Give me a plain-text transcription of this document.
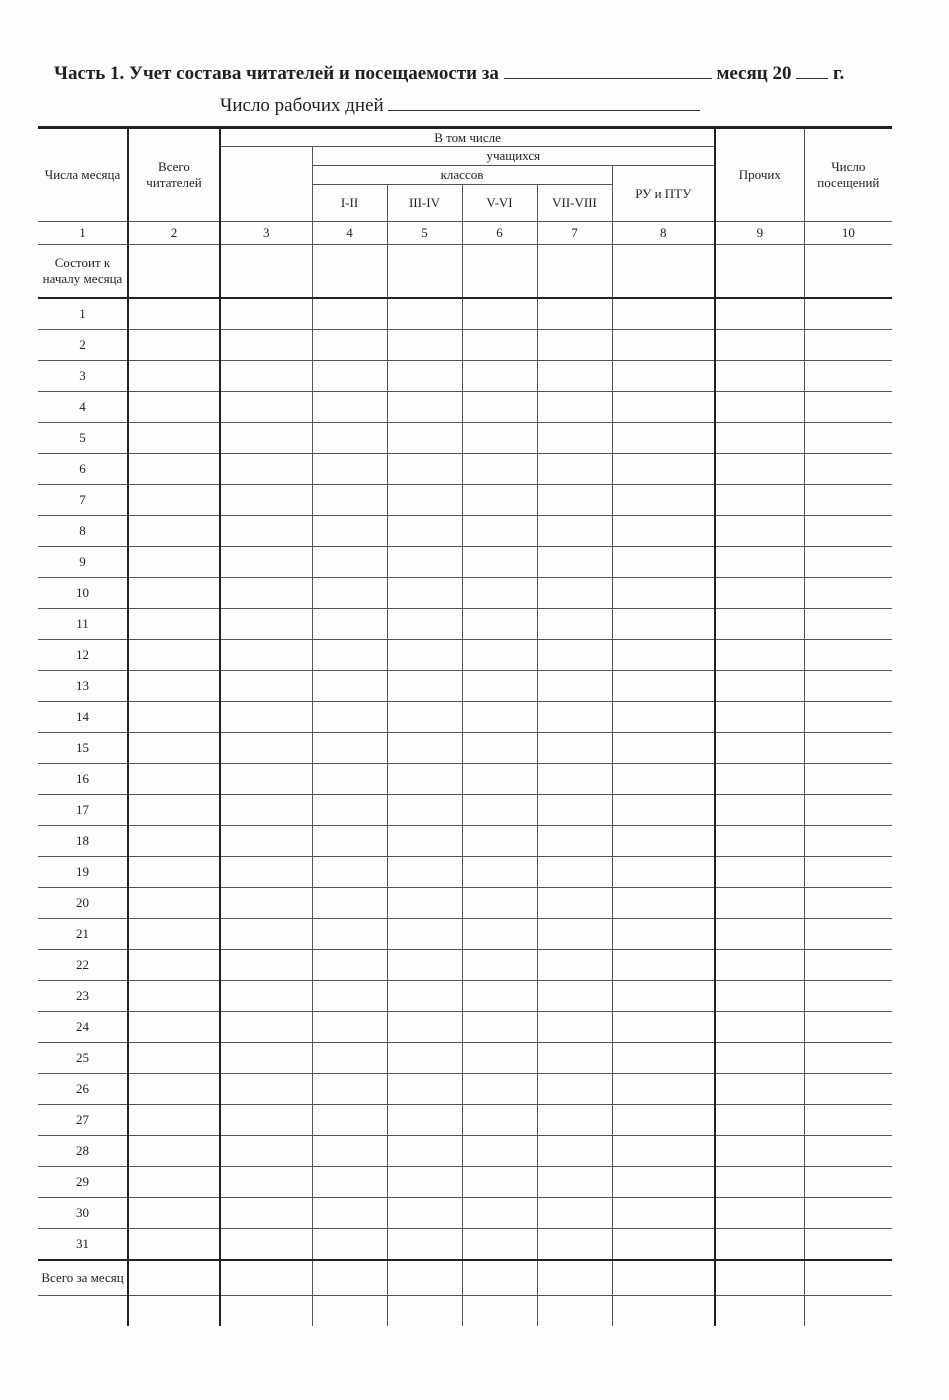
Часть 1. Учет состава читателей и посещаемости за	месяц 20 г.
Число рабочих дней
Числа месяца	Всего читателей	В том числе						Прочих	Число посещений
			учащихся						
			классов				РУ и ПТУ		
			I-II	III-IV	V-VI	VII-VIII			
1	2	3	4	5	6	7	8	9	10
Состоит к началу месяца									
1									
2									
3									
4									
5									
6									
7									
8									
9									
10									
11									
12									
13									
14									
15									
16									
17									
18									
19									
20									
21									
22									
23									
24									
25									
26									
27									
28									
29									
30									
31									
Всего за месяц									
